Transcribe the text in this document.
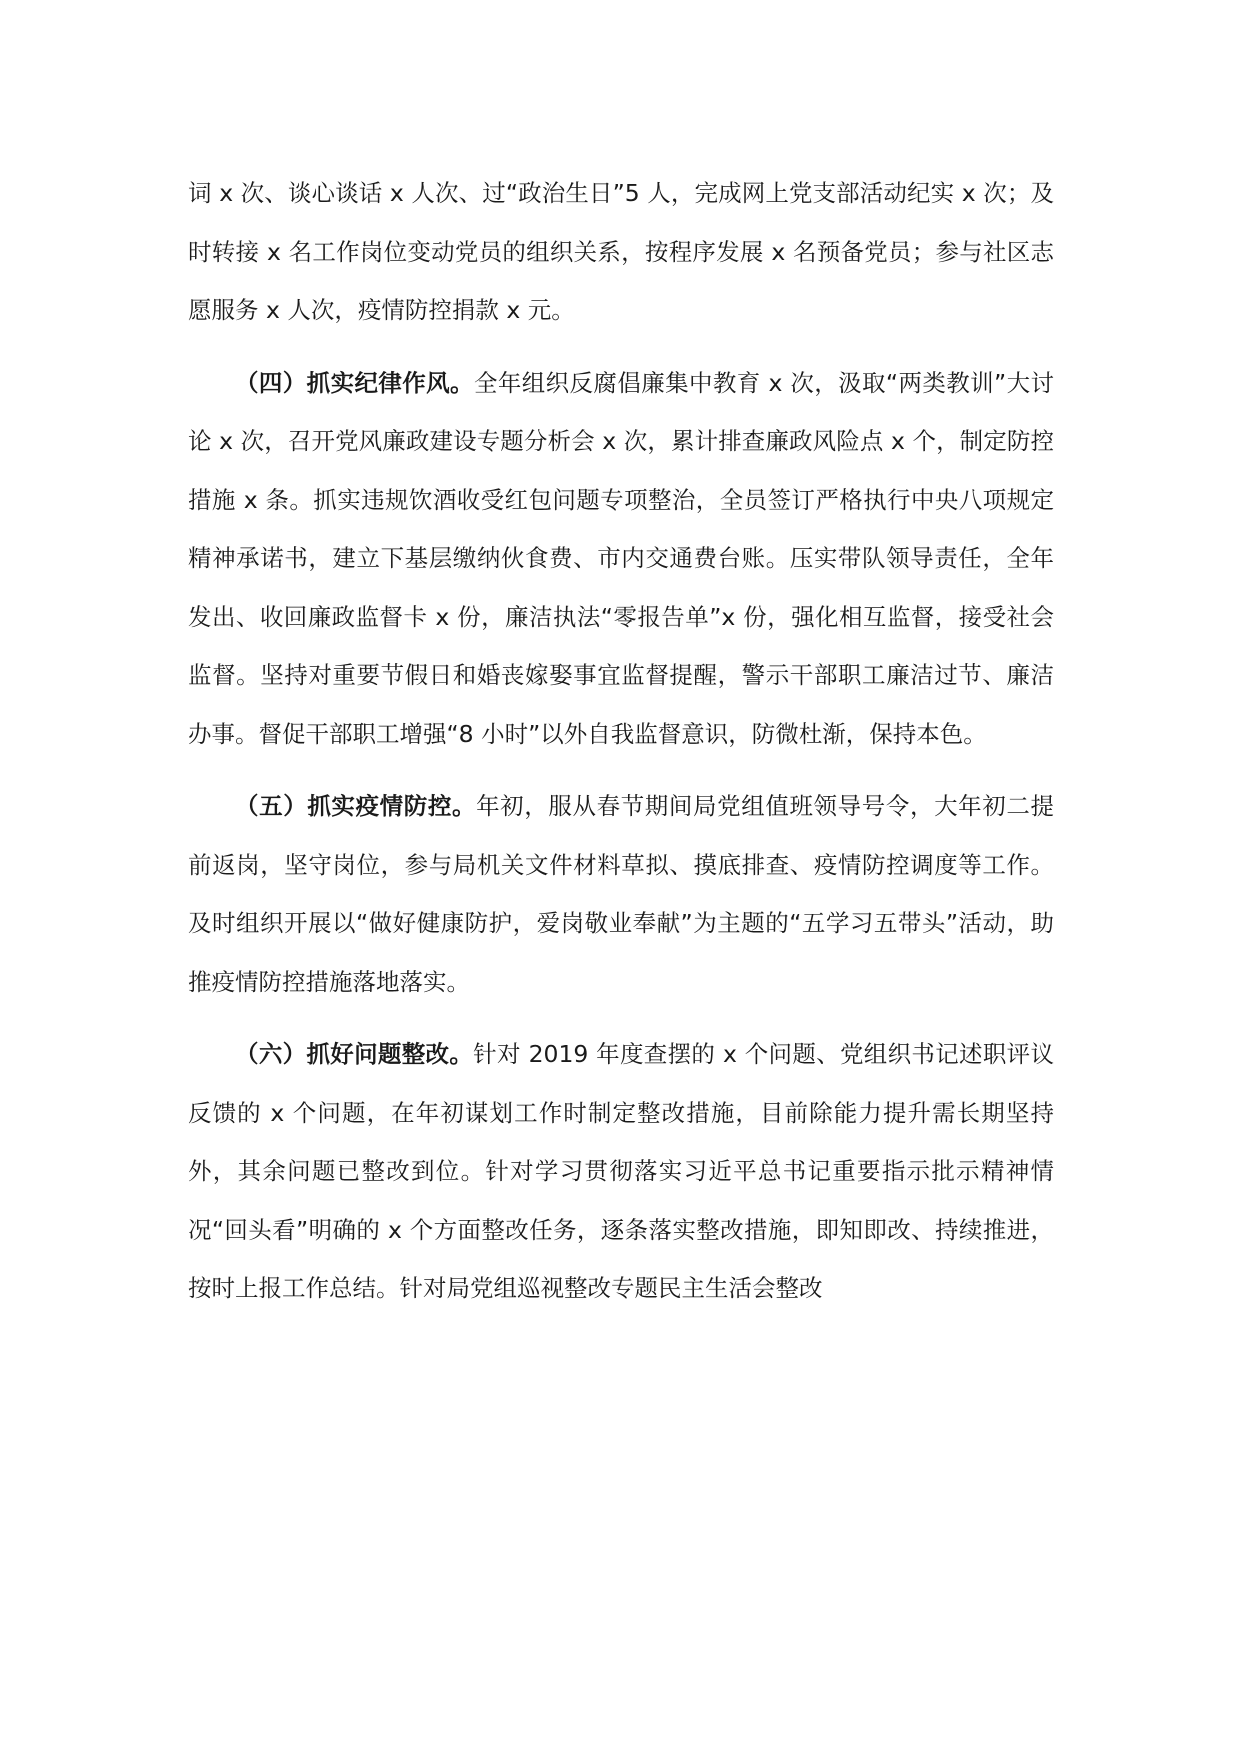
词 x 次、谈心谈话 x 人次、过“政治生日”5 人，完成网上党支部活动纪实 x 次；及时转接 x 名工作岗位变动党员的组织关系，按程序发展 x 名预备党员；参与社区志愿服务 x 人次，疫情防控捐款 x 元。

（四）抓实纪律作风。全年组织反腐倡廉集中教育 x 次，汲取“两类教训”大讨论 x 次，召开党风廉政建设专题分析会 x 次，累计排查廉政风险点 x 个，制定防控措施 x 条。抓实违规饮酒收受红包问题专项整治，全员签订严格执行中央八项规定精神承诺书，建立下基层缴纳伙食费、市内交通费台账。压实带队领导责任，全年发出、收回廉政监督卡 x 份，廉洁执法“零报告单”x 份，强化相互监督，接受社会监督。坚持对重要节假日和婚丧嫁娶事宜监督提醒，警示干部职工廉洁过节、廉洁办事。督促干部职工增强“8 小时”以外自我监督意识，防微杜渐，保持本色。

（五）抓实疫情防控。年初，服从春节期间局党组值班领导号令，大年初二提前返岗，坚守岗位，参与局机关文件材料草拟、摸底排查、疫情防控调度等工作。及时组织开展以“做好健康防护，爱岗敬业奉献”为主题的“五学习五带头”活动，助推疫情防控措施落地落实。

（六）抓好问题整改。针对 2019 年度查摆的 x 个问题、党组织书记述职评议反馈的 x 个问题，在年初谋划工作时制定整改措施，目前除能力提升需长期坚持外，其余问题已整改到位。针对学习贯彻落实习近平总书记重要指示批示精神情况“回头看”明确的 x 个方面整改任务，逐条落实整改措施，即知即改、持续推进，按时上报工作总结。针对局党组巡视整改专题民主生活会整改
